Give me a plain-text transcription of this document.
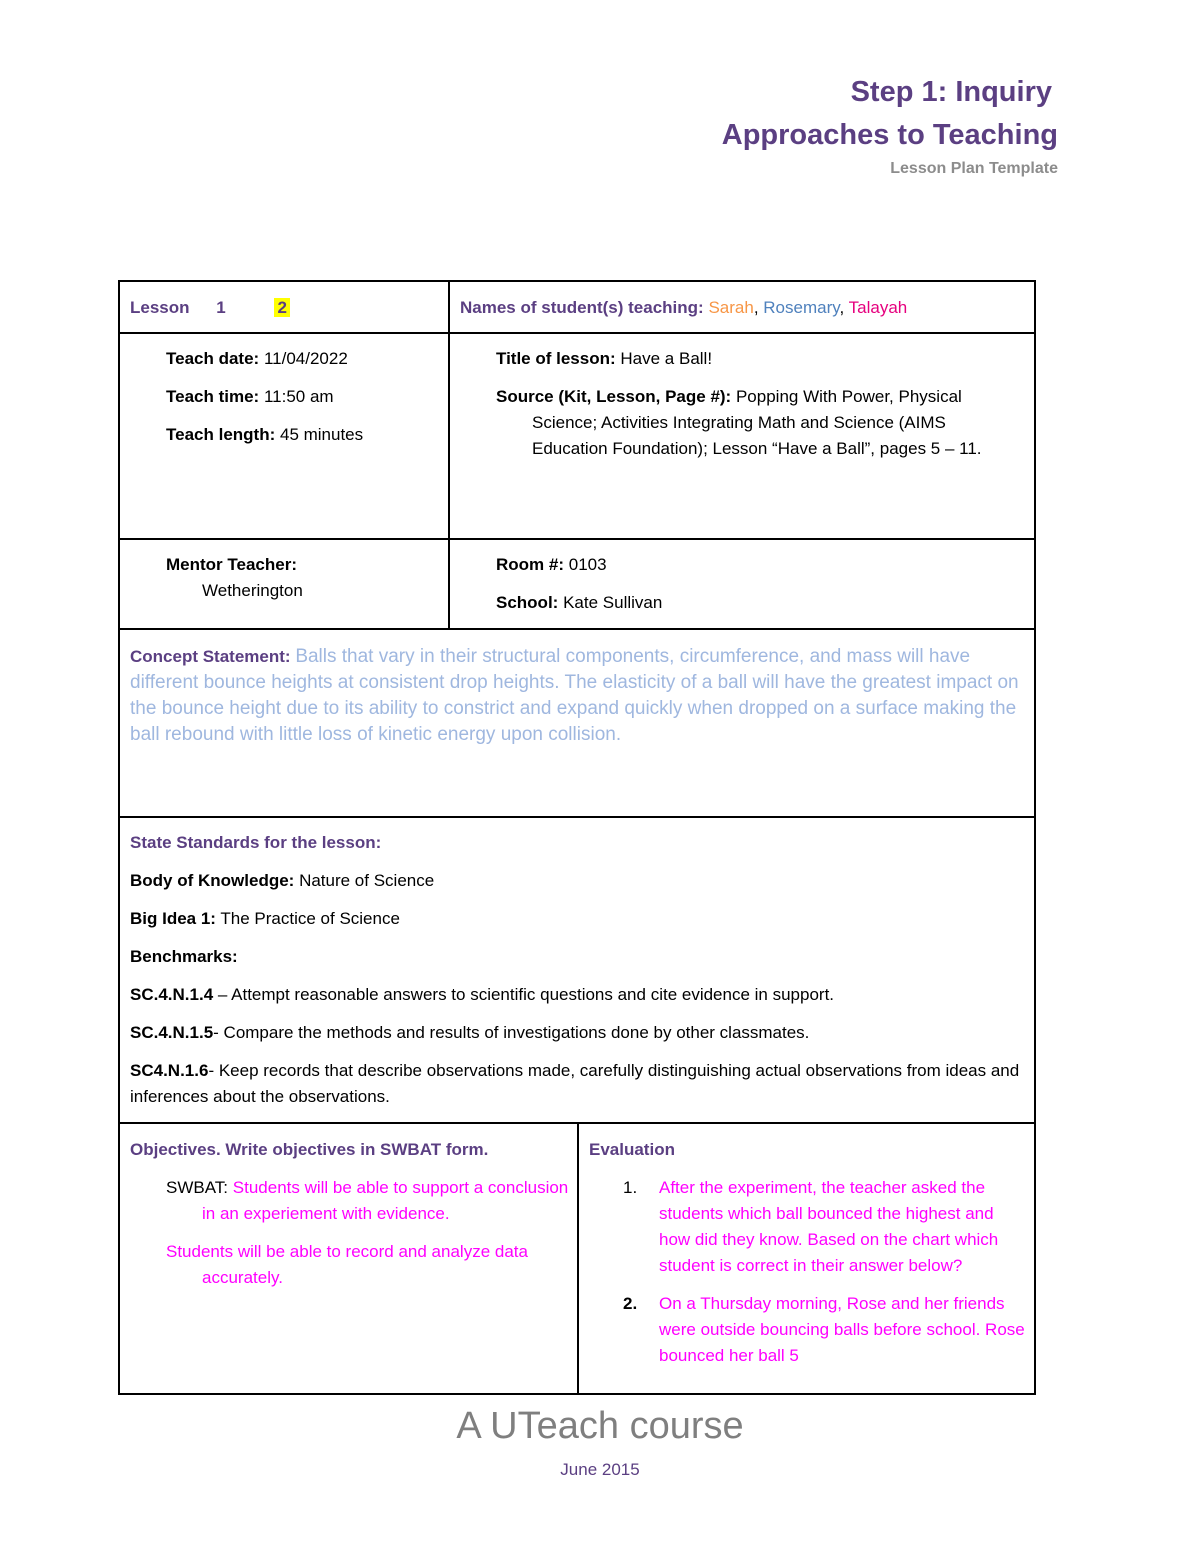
Step 1: Inquiry
Approaches to Teaching
Lesson Plan Template
Lesson 1	2	Names of student(s) teaching: Sarah, Rosemary, Talayah

Teach date: 11/04/2022

Teach time: 11:50 am

Teach length: 45 minutes

Title of lesson: Have a Ball!

Source (Kit, Lesson, Page #): Popping With Power, Physical Science; Activities Integrating Math and Science (AIMS Education Foundation); Lesson “Have a Ball”, pages 5 – 11.

Mentor Teacher:

Wetherington

Room #: 0103

School: Kate Sullivan

Concept Statement: Balls that vary in their structural components, circumference, and mass will have different bounce heights at consistent drop heights. The elasticity of a ball will have the greatest impact on the bounce height due to its ability to constrict and expand quickly when dropped on a surface making the ball rebound with little loss of kinetic energy upon collision.

State Standards for the lesson:

Body of Knowledge: Nature of Science

Big Idea 1: The Practice of Science

Benchmarks:

SC.4.N.1.4 – Attempt reasonable answers to scientific questions and cite evidence in support.

SC.4.N.1.5- Compare the methods and results of investigations done by other classmates.

SC4.N.1.6- Keep records that describe observations made, carefully distinguishing actual observations from ideas and inferences about the observations.

Objectives. Write objectives in SWBAT form.

SWBAT: Students will be able to support a conclusion in an experiement with evidence.

Students will be able to record and analyze data accurately.

Evaluation

1. After the experiment, the teacher asked the students which ball bounced the highest and how did they know. Based on the chart which student is correct in their answer below?
2. On a Thursday morning, Rose and her friends were outside bouncing balls before school. Rose bounced her ball 5
A UTeach course
June 2015
